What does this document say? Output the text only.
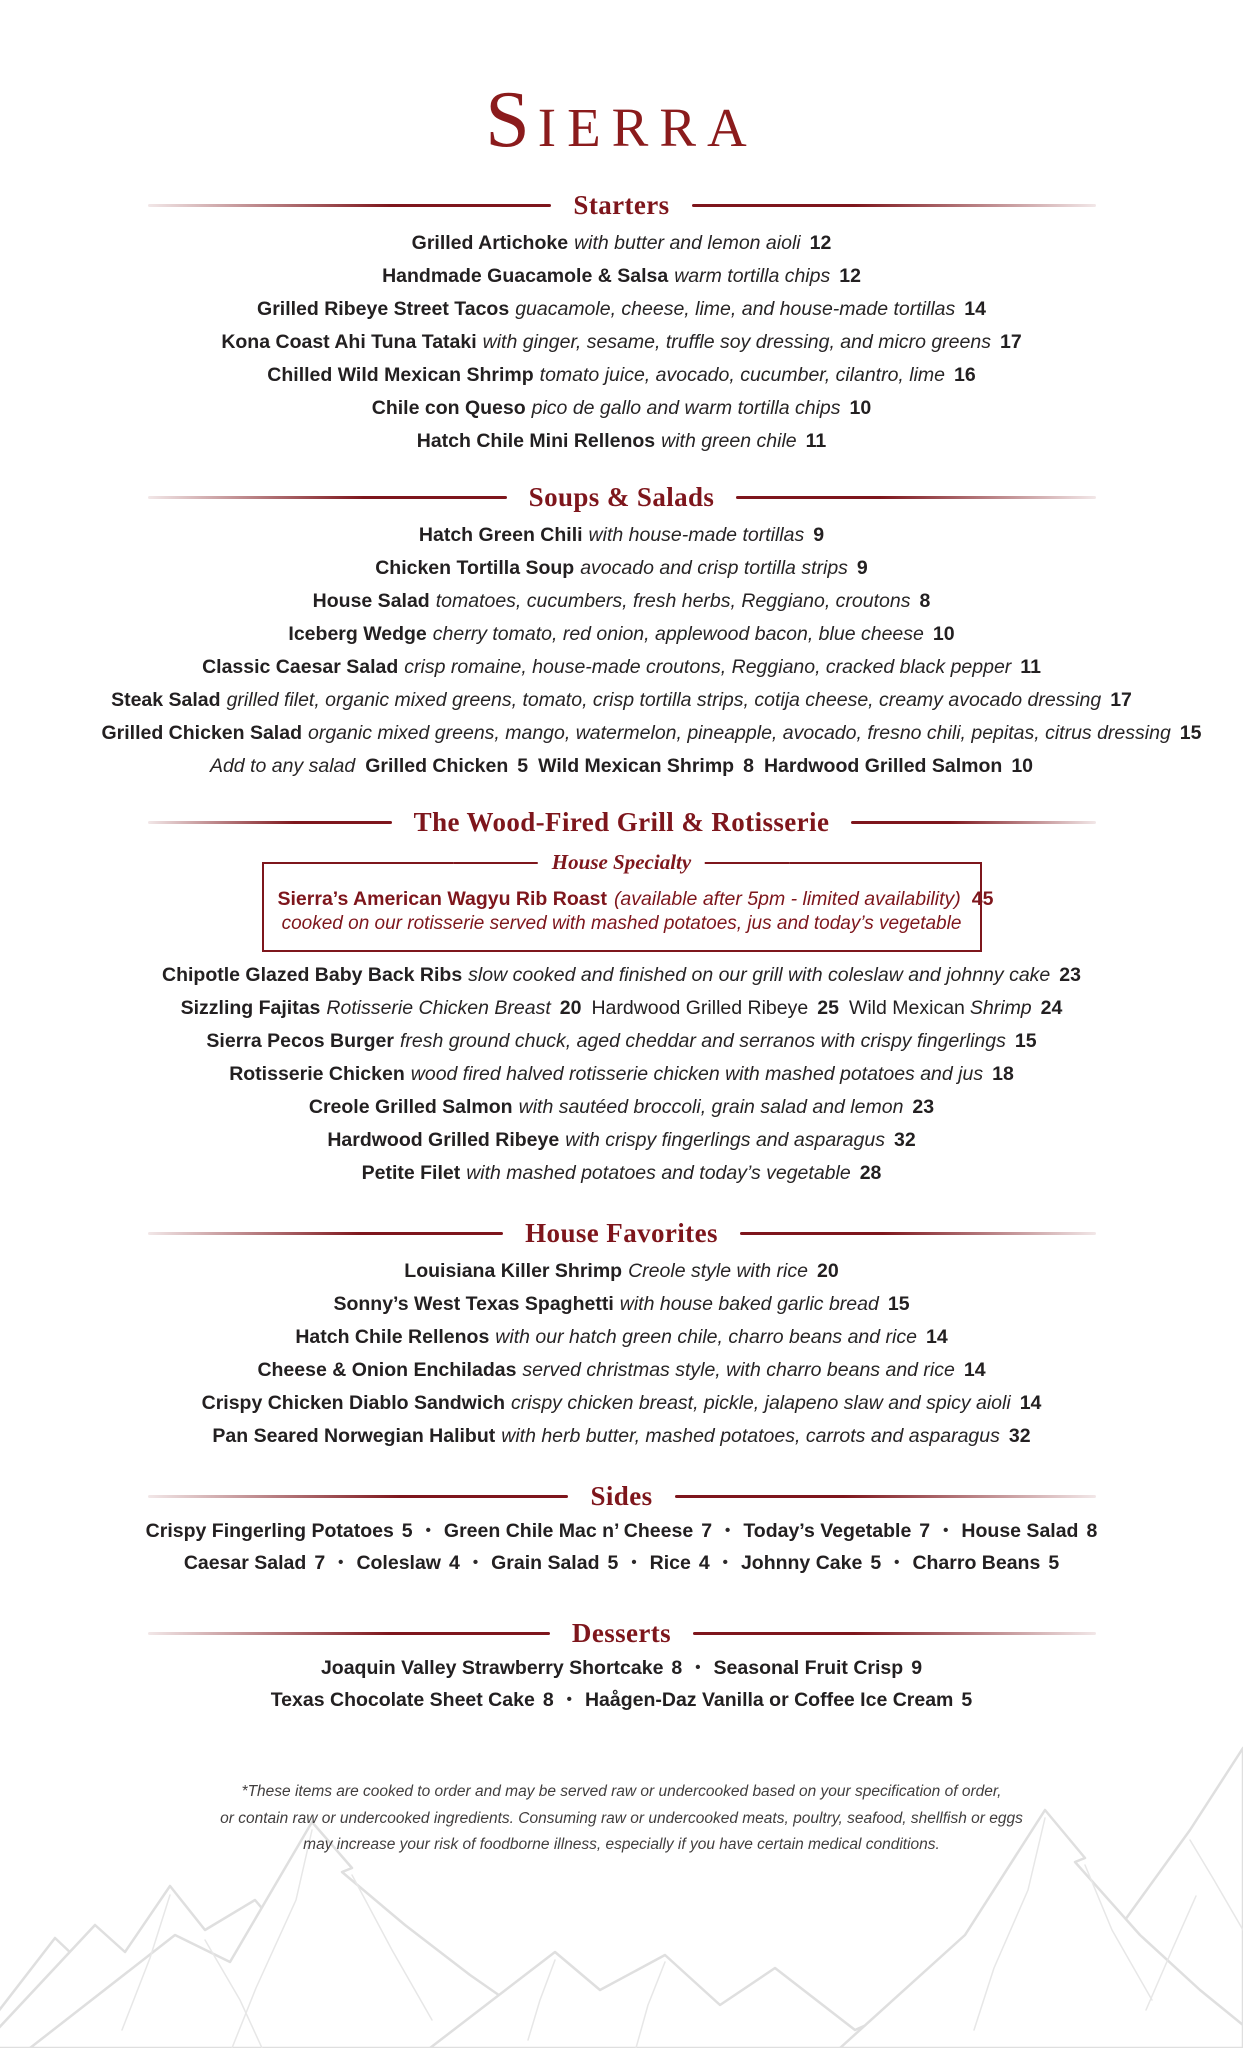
SIERRA
Starters
Grilled Artichoke with butter and lemon aioli 12
Handmade Guacamole & Salsa warm tortilla chips 12
Grilled Ribeye Street Tacos guacamole, cheese, lime, and house-made tortillas 14
Kona Coast Ahi Tuna Tataki with ginger, sesame, truffle soy dressing, and micro greens 17
Chilled Wild Mexican Shrimp tomato juice, avocado, cucumber, cilantro, lime 16
Chile con Queso pico de gallo and warm tortilla chips 10
Hatch Chile Mini Rellenos with green chile 11
Soups & Salads
Hatch Green Chili with house-made tortillas 9
Chicken Tortilla Soup avocado and crisp tortilla strips 9
House Salad tomatoes, cucumbers, fresh herbs, Reggiano, croutons 8
Iceberg Wedge cherry tomato, red onion, applewood bacon, blue cheese 10
Classic Caesar Salad crisp romaine, house-made croutons, Reggiano, cracked black pepper 11
Steak Salad grilled filet, organic mixed greens, tomato, crisp tortilla strips, cotija cheese, creamy avocado dressing 17
Grilled Chicken Salad organic mixed greens, mango, watermelon, pineapple, avocado, fresno chili, pepitas, citrus dressing 15
Add to any salad Grilled Chicken 5 Wild Mexican Shrimp 8 Hardwood Grilled Salmon 10
The Wood-Fired Grill & Rotisserie
House Specialty
Sierra’s American Wagyu Rib Roast (available after 5pm - limited availability) 45
cooked on our rotisserie served with mashed potatoes, jus and today’s vegetable
Chipotle Glazed Baby Back Ribs slow cooked and finished on our grill with coleslaw and johnny cake 23
Sizzling Fajitas Rotisserie Chicken Breast 20 Hardwood Grilled Ribeye 25 Wild Mexican Shrimp 24
Sierra Pecos Burger fresh ground chuck, aged cheddar and serranos with crispy fingerlings 15
Rotisserie Chicken wood fired halved rotisserie chicken with mashed potatoes and jus 18
Creole Grilled Salmon with sautéed broccoli, grain salad and lemon 23
Hardwood Grilled Ribeye with crispy fingerlings and asparagus 32
Petite Filet with mashed potatoes and today’s vegetable 28
House Favorites
Louisiana Killer Shrimp Creole style with rice 20
Sonny’s West Texas Spaghetti with house baked garlic bread 15
Hatch Chile Rellenos with our hatch green chile, charro beans and rice 14
Cheese & Onion Enchiladas served christmas style, with charro beans and rice 14
Crispy Chicken Diablo Sandwich crispy chicken breast, pickle, jalapeno slaw and spicy aioli 14
Pan Seared Norwegian Halibut with herb butter, mashed potatoes, carrots and asparagus 32
Sides
Crispy Fingerling Potatoes 5 • Green Chile Mac n’ Cheese 7 • Today’s Vegetable 7 • House Salad 8
Caesar Salad 7 • Coleslaw 4 • Grain Salad 5 • Rice 4 • Johnny Cake 5 • Charro Beans 5
Desserts
Joaquin Valley Strawberry Shortcake 8 • Seasonal Fruit Crisp 9
Texas Chocolate Sheet Cake 8 • Haågen-Daz Vanilla or Coffee Ice Cream 5
*These items are cooked to order and may be served raw or undercooked based on your specification of order,
or contain raw or undercooked ingredients. Consuming raw or undercooked meats, poultry, seafood, shellfish or eggs
may increase your risk of foodborne illness, especially if you have certain medical conditions.
